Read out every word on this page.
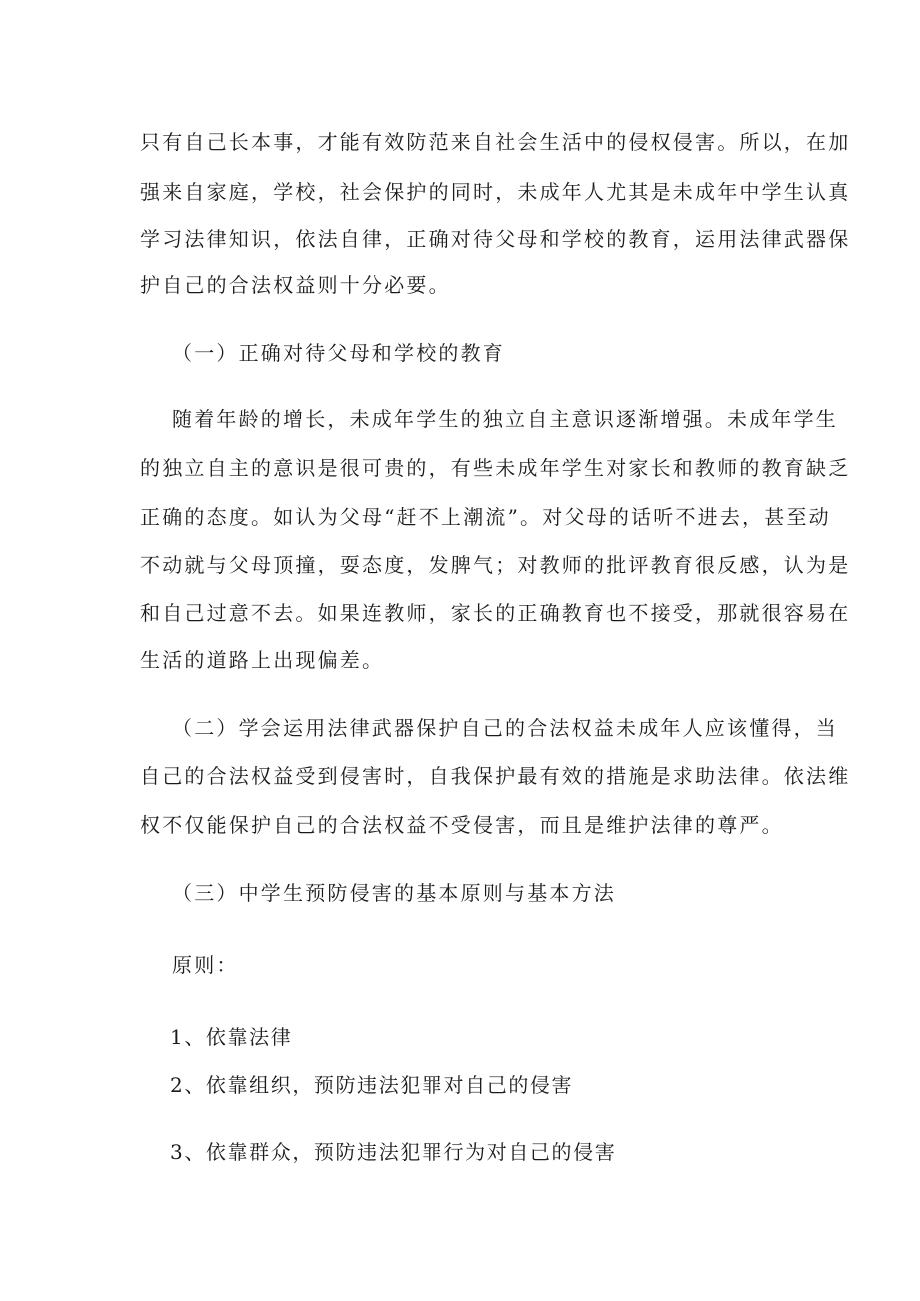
只有自己长本事，才能有效防范来自社会生活中的侵权侵害。所以，在加
强来自家庭，学校，社会保护的同时，未成年人尤其是未成年中学生认真
学习法律知识，依法自律，正确对待父母和学校的教育，运用法律武器保
护自己的合法权益则十分必要。
（一）正确对待父母和学校的教育
随着年龄的增长，未成年学生的独立自主意识逐渐增强。未成年学生
的独立自主的意识是很可贵的，有些未成年学生对家长和教师的教育缺乏
正确的态度。如认为父母“赶不上潮流”。对父母的话听不进去，甚至动
不动就与父母顶撞，耍态度，发脾气；对教师的批评教育很反感，认为是
和自己过意不去。如果连教师，家长的正确教育也不接受，那就很容易在
生活的道路上出现偏差。
（二）学会运用法律武器保护自己的合法权益未成年人应该懂得，当
自己的合法权益受到侵害时，自我保护最有效的措施是求助法律。依法维
权不仅能保护自己的合法权益不受侵害，而且是维护法律的尊严。
（三）中学生预防侵害的基本原则与基本方法
原则：
1、依靠法律
2、依靠组织，预防违法犯罪对自己的侵害
3、依靠群众，预防违法犯罪行为对自己的侵害
